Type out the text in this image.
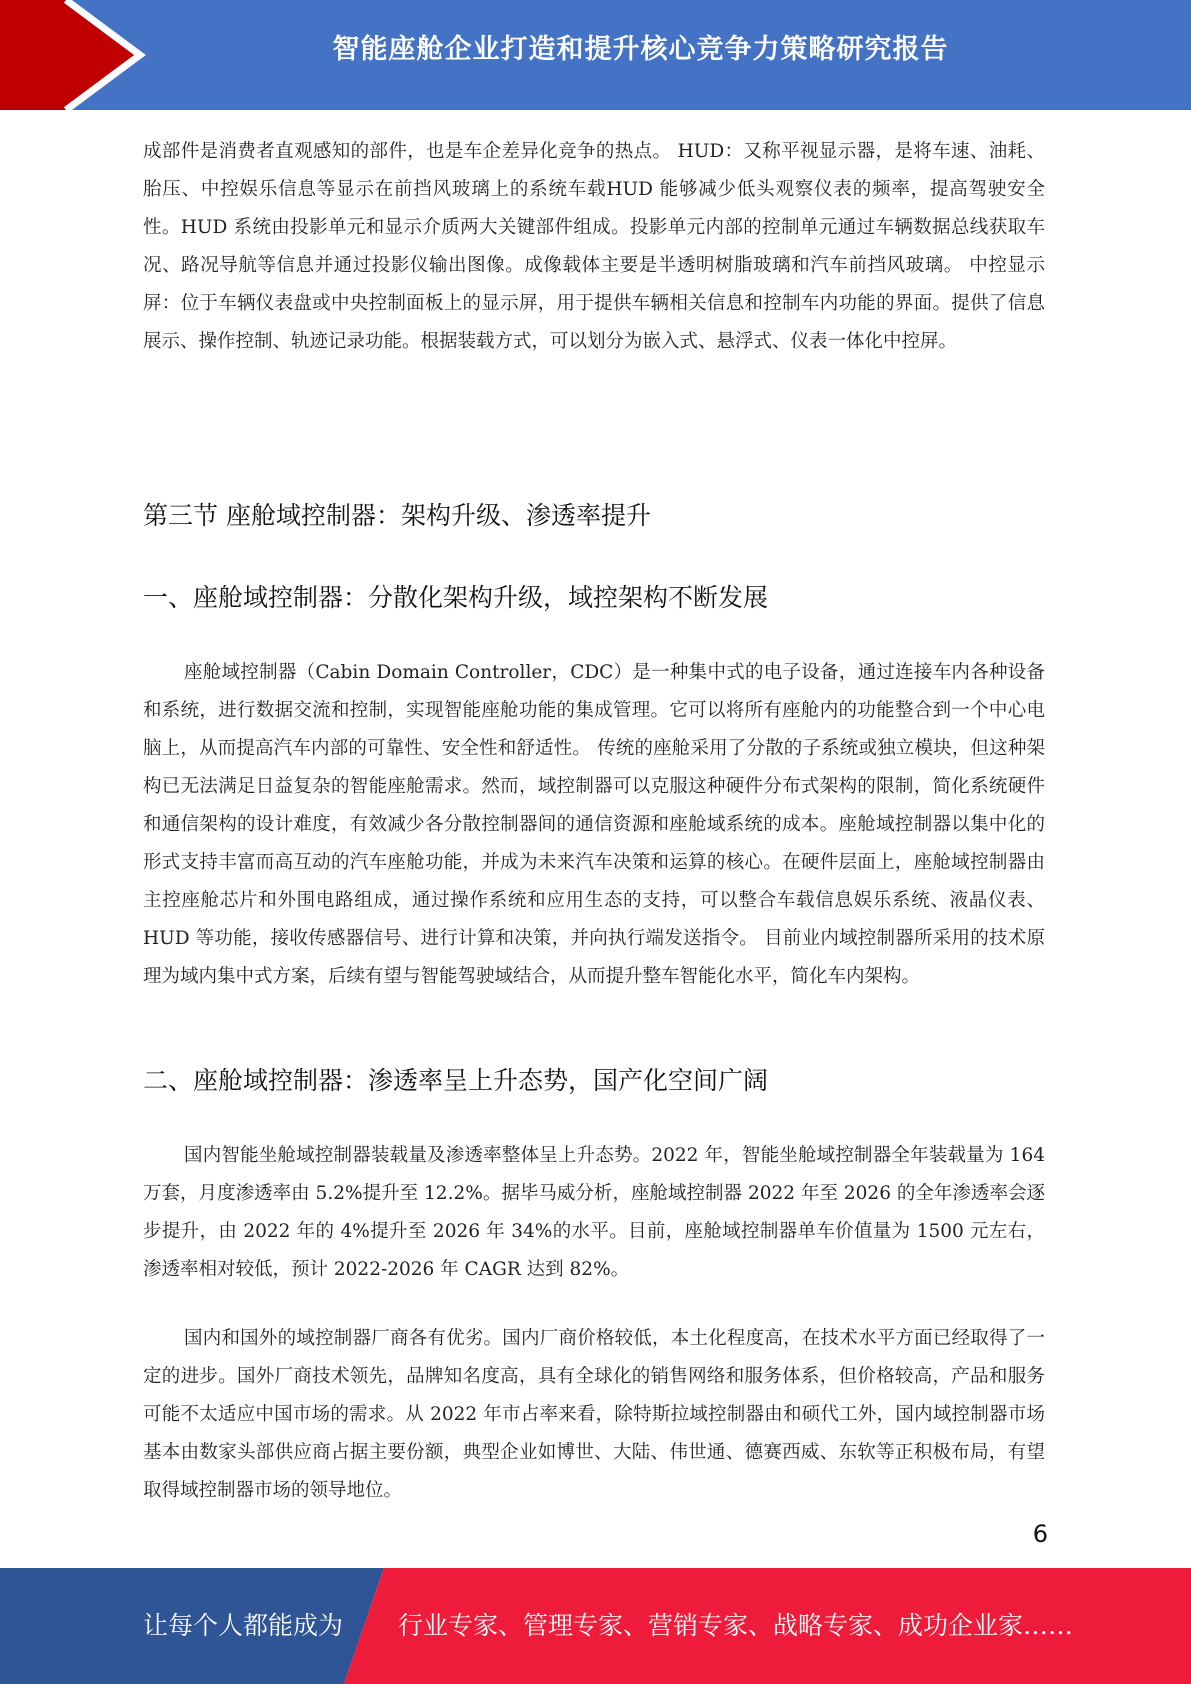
智能座舱企业打造和提升核心竞争力策略研究报告

成部件是消费者直观感知的部件，也是车企差异化竞争的热点。 HUD：又称平视显示器，是将车速、油耗、胎压、中控娱乐信息等显示在前挡风玻璃上的系统车载HUD 能够减少低头观察仪表的频率，提高驾驶安全性。HUD 系统由投影单元和显示介质两大关键部件组成。投影单元内部的控制单元通过车辆数据总线获取车况、路况导航等信息并通过投影仪输出图像。成像载体主要是半透明树脂玻璃和汽车前挡风玻璃。 中控显示屏：位于车辆仪表盘或中央控制面板上的显示屏，用于提供车辆相关信息和控制车内功能的界面。提供了信息展示、操作控制、轨迹记录功能。根据装载方式，可以划分为嵌入式、悬浮式、仪表一体化中控屏。

第三节 座舱域控制器：架构升级、渗透率提升
一、座舱域控制器：分散化架构升级，域控架构不断发展

座舱域控制器（Cabin Domain Controller，CDC）是一种集中式的电子设备，通过连接车内各种设备和系统，进行数据交流和控制，实现智能座舱功能的集成管理。它可以将所有座舱内的功能整合到一个中心电脑上，从而提高汽车内部的可靠性、安全性和舒适性。 传统的座舱采用了分散的子系统或独立模块，但这种架构已无法满足日益复杂的智能座舱需求。然而，域控制器可以克服这种硬件分布式架构的限制，简化系统硬件和通信架构的设计难度，有效减少各分散控制器间的通信资源和座舱域系统的成本。座舱域控制器以集中化的形式支持丰富而高互动的汽车座舱功能，并成为未来汽车决策和运算的核心。在硬件层面上，座舱域控制器由主控座舱芯片和外围电路组成，通过操作系统和应用生态的支持，可以整合车载信息娱乐系统、液晶仪表、HUD 等功能，接收传感器信号、进行计算和决策，并向执行端发送指令。 目前业内域控制器所采用的技术原理为域内集中式方案，后续有望与智能驾驶域结合，从而提升整车智能化水平，简化车内架构。

二、座舱域控制器：渗透率呈上升态势，国产化空间广阔

国内智能坐舱域控制器装载量及渗透率整体呈上升态势。2022 年，智能坐舱域控制器全年装载量为 164 万套，月度渗透率由 5.2%提升至 12.2%。据毕马威分析，座舱域控制器 2022 年至 2026 的全年渗透率会逐步提升，由 2022 年的 4%提升至 2026 年 34%的水平。目前，座舱域控制器单车价值量为 1500 元左右，渗透率相对较低，预计 2022-2026 年 CAGR 达到 82%。

国内和国外的域控制器厂商各有优劣。国内厂商价格较低，本土化程度高，在技术水平方面已经取得了一定的进步。国外厂商技术领先，品牌知名度高，具有全球化的销售网络和服务体系，但价格较高，产品和服务可能不太适应中国市场的需求。从 2022 年市占率来看，除特斯拉域控制器由和硕代工外，国内域控制器市场基本由数家头部供应商占据主要份额，典型企业如博世、大陆、伟世通、德赛西威、东软等正积极布局，有望取得域控制器市场的领导地位。

6
让每个人都能成为 行业专家、管理专家、营销专家、战略专家、成功企业家……
